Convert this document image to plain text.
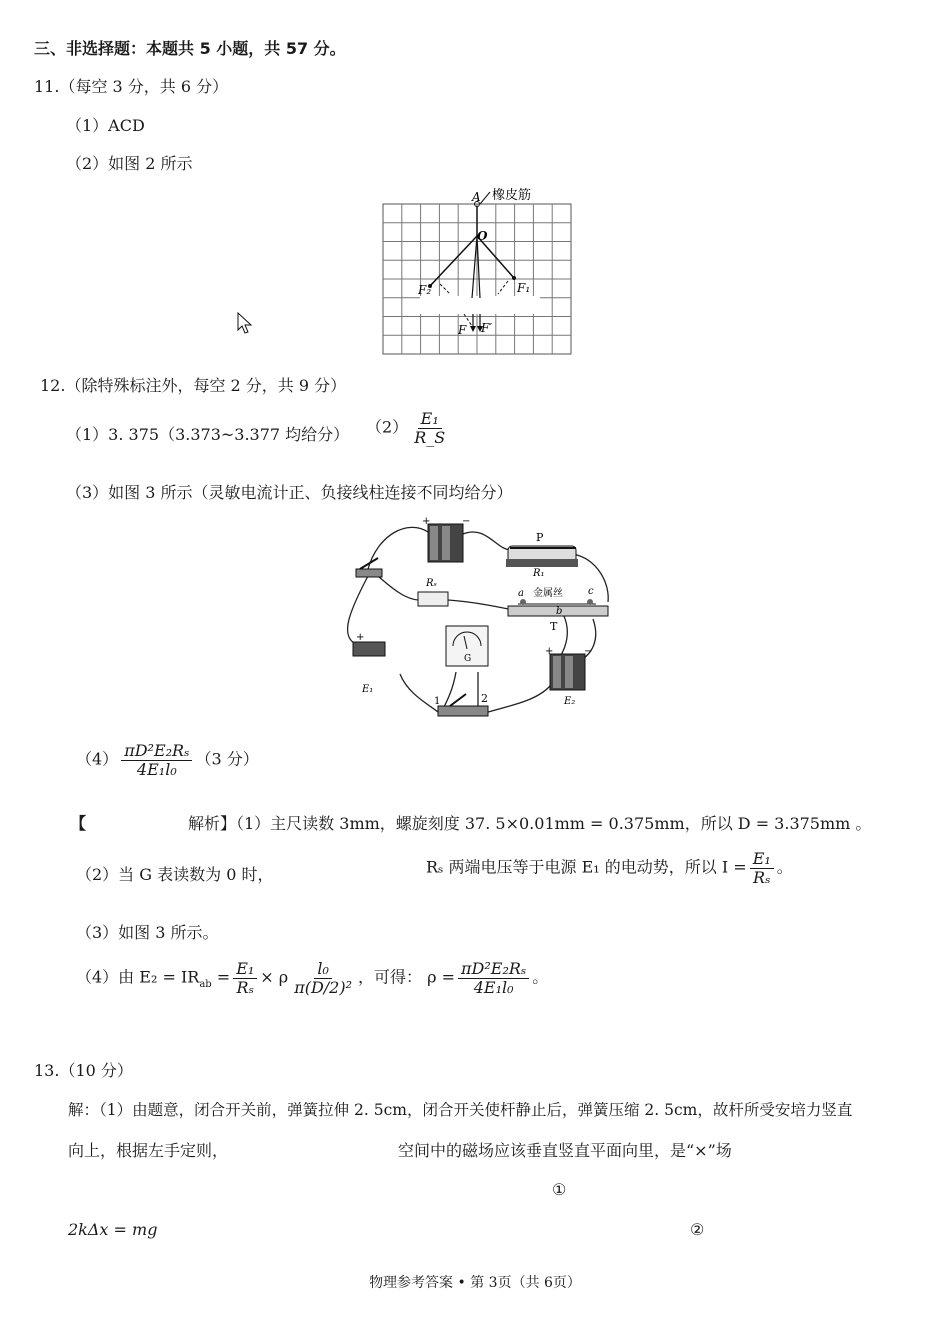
三、非选择题：本题共 5 小题，共 57 分。
11.（每空 3 分，共 6 分）
（1）ACD
（2）如图 2 所示
A 橡皮筋
O
F₂	F₁
F F′
12.（除特殊标注外，每空 2 分，共 9 分）
（1）3. 375（3.373~3.377 均给分） $(2) \frac{\text{E₁}}{R\_S}$
（3）如图 3 所示（灵敏电流计正、负接线柱连接不同均给分）
+	−
P
R₁
Rₛ
a 金属丝	c
b
T
G
+
E₁
+	−
E₂
1	2
$(4) \frac{\text{πD²E₂Rₛ}}{\text{4E₁l₀}} (3$ 分）
【	解析】（1）主尺读数 3mm，螺旋刻度 37. 5×0.01mm = 0.375mm，所以 D = 3.375mm 。
（2）当 G 表读数为 0 时，	Rₛ 两端电压等于电源 E₁ 的电动势，所以 $I = \frac{\text{E₁}}{\text{Rₛ}}$ 。
（3）如图 3 所示。
（4）由 $E_2 = IR_{ab} = \frac{\text{E₁}}{\text{Rₛ}} \times \rho \frac{\text{l₀}}{\text{π(D/2)²}}$ ，可得： $\rho = \frac{\text{πD²E₂Rₛ}}{\text{4E₁l₀}}$ 。
13.（10 分）
解：（1）由题意，闭合开关前，弹簧拉伸 2. 5cm，闭合开关使杆静止后，弹簧压缩 2. 5cm，故杆所受安培力竖直
向上，根据左手定则，	空间中的磁场应该垂直竖直平面向里，是“×”场
①
2kΔx = mg	②
物理参考答案 • 第 3页（共 6页）
